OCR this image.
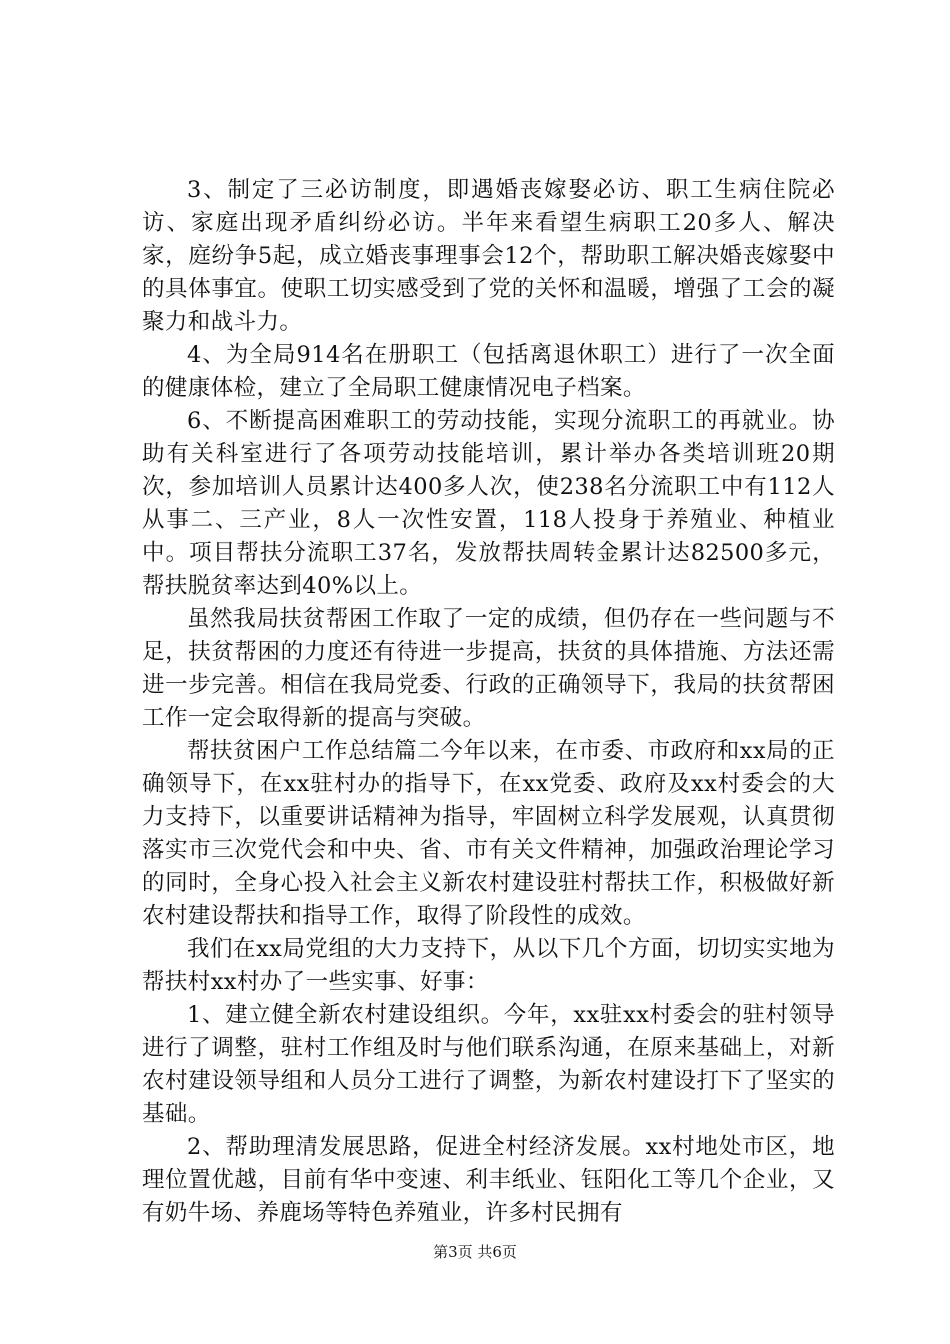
3、制定了三必访制度，即遇婚丧嫁娶必访、职工生病住院必访、家庭出现矛盾纠纷必访。半年来看望生病职工20多人、解决家，庭纷争5起，成立婚丧事理事会12个，帮助职工解决婚丧嫁娶中的具体事宜。使职工切实感受到了党的关怀和温暖，增强了工会的凝聚力和战斗力。

4、为全局914名在册职工（包括离退休职工）进行了一次全面的健康体检，建立了全局职工健康情况电子档案。

6、不断提高困难职工的劳动技能，实现分流职工的再就业。协助有关科室进行了各项劳动技能培训，累计举办各类培训班20期次，参加培训人员累计达400多人次，使238名分流职工中有112人从事二、三产业，8人一次性安置，118人投身于养殖业、种植业中。项目帮扶分流职工37名，发放帮扶周转金累计达82500多元，帮扶脱贫率达到40%以上。

虽然我局扶贫帮困工作取了一定的成绩，但仍存在一些问题与不足，扶贫帮困的力度还有待进一步提高，扶贫的具体措施、方法还需进一步完善。相信在我局党委、行政的正确领导下，我局的扶贫帮困工作一定会取得新的提高与突破。

帮扶贫困户工作总结篇二今年以来，在市委、市政府和xx局的正确领导下，在xx驻村办的指导下，在xx党委、政府及xx村委会的大力支持下，以重要讲话精神为指导，牢固树立科学发展观，认真贯彻落实市三次党代会和中央、省、市有关文件精神，加强政治理论学习的同时，全身心投入社会主义新农村建设驻村帮扶工作，积极做好新农村建设帮扶和指导工作，取得了阶段性的成效。

我们在xx局党组的大力支持下，从以下几个方面，切切实实地为帮扶村xx村办了一些实事、好事：

1、建立健全新农村建设组织。今年，xx驻xx村委会的驻村领导进行了调整，驻村工作组及时与他们联系沟通，在原来基础上，对新农村建设领导组和人员分工进行了调整，为新农村建设打下了坚实的基础。

2、帮助理清发展思路，促进全村经济发展。xx村地处市区，地理位置优越，目前有华中变速、利丰纸业、钰阳化工等几个企业，又有奶牛场、养鹿场等特色养殖业，许多村民拥有

第3页 共6页
